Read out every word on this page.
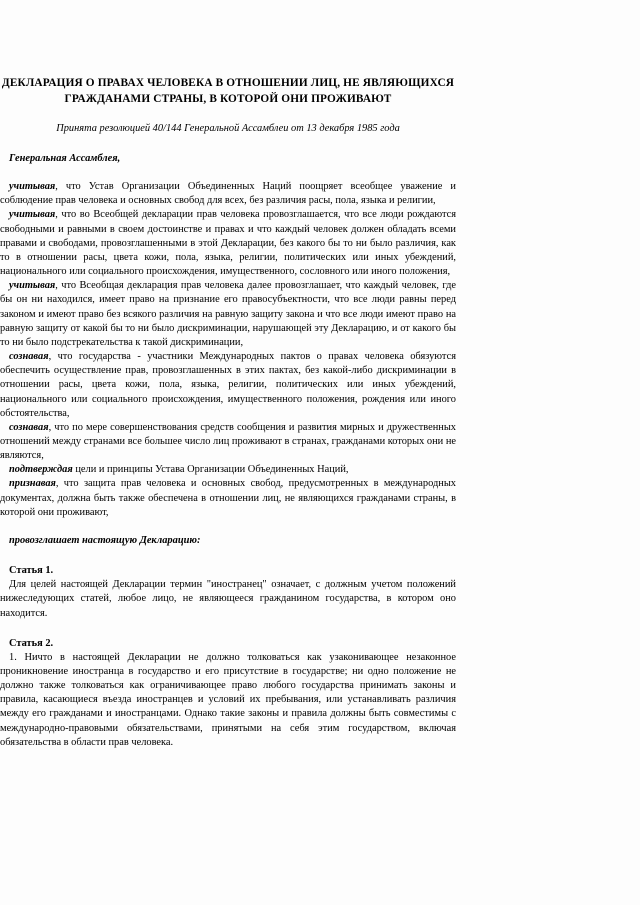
ДЕКЛАРАЦИЯ О ПРАВАХ ЧЕЛОВЕКА В ОТНОШЕНИИ ЛИЦ, НЕ ЯВЛЯЮЩИХСЯ ГРАЖДАНАМИ СТРАНЫ, В КОТОРОЙ ОНИ ПРОЖИВАЮТ
Принята резолюцией 40/144 Генеральной Ассамблеи от 13 декабря 1985 года

Генеральная Ассамблея,

учитывая, что Устав Организации Объединенных Наций поощряет всеобщее уважение и соблюдение прав человека и основных свобод для всех, без различия расы, пола, языка и религии,

учитывая, что во Всеобщей декларации прав человека провозглашается, что все люди рождаются свободными и равными в своем достоинстве и правах и что каждый человек должен обладать всеми правами и свободами, провозглашенными в этой Декларации, без какого бы то ни было различия, как то в отношении расы, цвета кожи, пола, языка, религии, политических или иных убеждений, национального или социального происхождения, имущественного, сословного или иного положения,

учитывая, что Всеобщая декларация прав человека далее провозглашает, что каждый человек, где бы он ни находился, имеет право на признание его правосубъектности, что все люди равны перед законом и имеют право без всякого различия на равную защиту закона и что все люди имеют право на равную защиту от какой бы то ни было дискриминации, нарушающей эту Декларацию, и от какого бы то ни было подстрекательства к такой дискриминации,

сознавая, что государства - участники Международных пактов о правах человека обязуются обеспечить осуществление прав, провозглашенных в этих пактах, без какой-либо дискриминации в отношении расы, цвета кожи, пола, языка, религии, политических или иных убеждений, национального или социального происхождения, имущественного положения, рождения или иного обстоятельства,

сознавая, что по мере совершенствования средств сообщения и развития мирных и дружественных отношений между странами все большее число лиц проживают в странах, гражданами которых они не являются,

подтверждая цели и принципы Устава Организации Объединенных Наций,

признавая, что защита прав человека и основных свобод, предусмотренных в международных документах, должна быть также обеспечена в отношении лиц, не являющихся гражданами страны, в которой они проживают,

провозглашает настоящую Декларацию:

Статья 1.

Для целей настоящей Декларации термин "иностранец" означает, с должным учетом положений нижеследующих статей, любое лицо, не являющееся гражданином государства, в котором оно находится.

Статья 2.

1. Ничто в настоящей Декларации не должно толковаться как узаконивающее незаконное проникновение иностранца в государство и его присутствие в государстве; ни одно положение не должно также толковаться как ограничивающее право любого государства принимать законы и правила, касающиеся въезда иностранцев и условий их пребывания, или устанавливать различия между его гражданами и иностранцами. Однако такие законы и правила должны быть совместимы с международно-правовыми обязательствами, принятыми на себя этим государством, включая обязательства в области прав человека.
